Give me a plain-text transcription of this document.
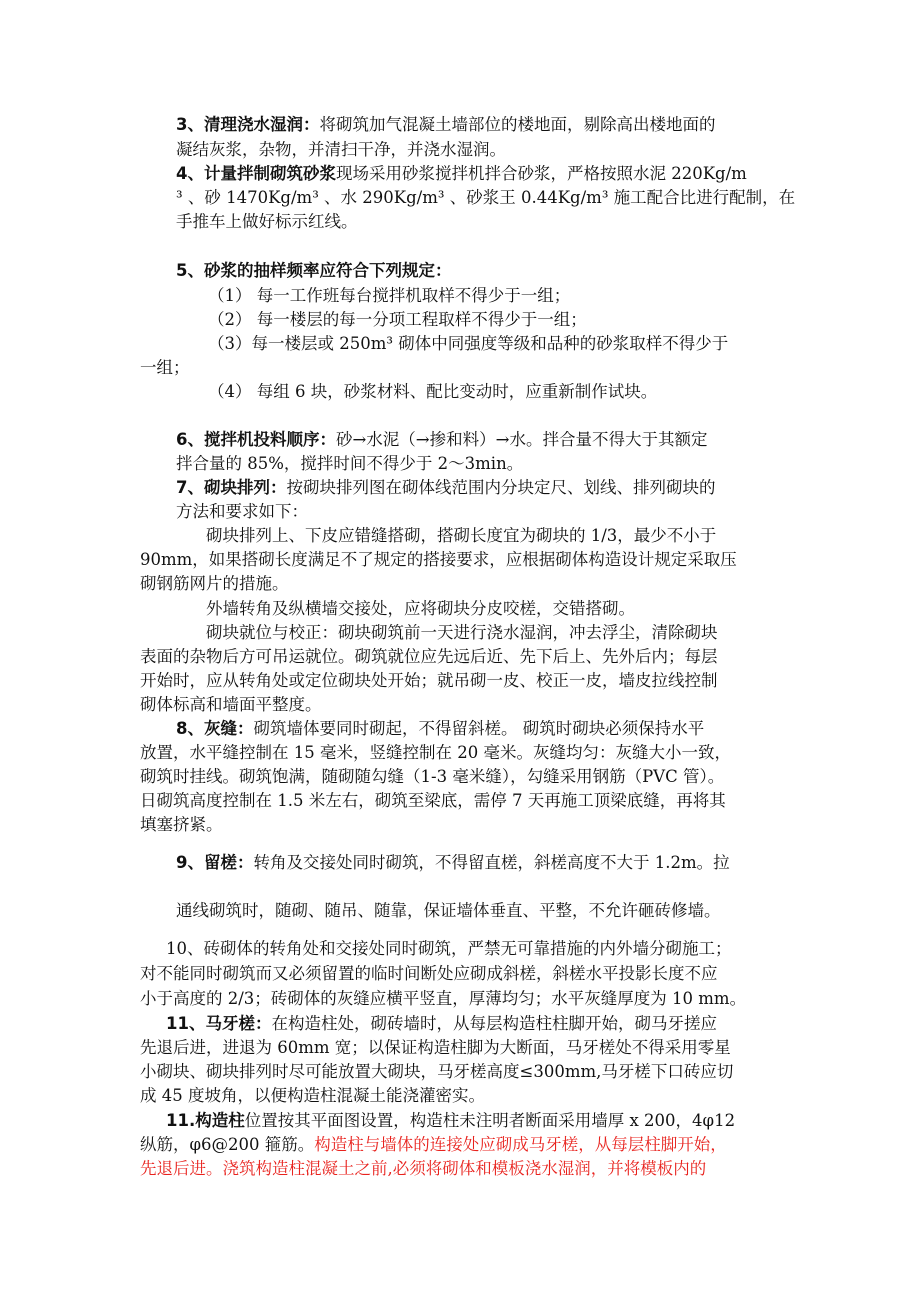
3、清理浇水湿润：将砌筑加气混凝土墙部位的楼地面，剔除高出楼地面的
凝结灰浆，杂物，并清扫干净，并浇水湿润。
4、计量拌制砌筑砂浆现场采用砂浆搅拌机拌合砂浆，严格按照水泥 220Kg/m
³ 、砂 1470Kg/m³ 、水 290Kg/m³ 、砂浆王 0.44Kg/m³ 施工配合比进行配制，在
手推车上做好标示红线。
5、砂浆的抽样频率应符合下列规定：
（1） 每一工作班每台搅拌机取样不得少于一组；
（2） 每一楼层的每一分项工程取样不得少于一组；
（3）每一楼层或 250m³ 砌体中同强度等级和品种的砂浆取样不得少于
一组；
（4） 每组 6 块，砂浆材料、配比变动时，应重新制作试块。
6、搅拌机投料顺序：砂→水泥（→掺和料）→水。拌合量不得大于其额定
拌合量的 85%，搅拌时间不得少于 2～3min。
7、砌块排列：按砌块排列图在砌体线范围内分块定尺、划线、排列砌块的
方法和要求如下：
砌块排列上、下皮应错缝搭砌，搭砌长度宜为砌块的 1/3，最少不小于
90mm，如果搭砌长度满足不了规定的搭接要求，应根据砌体构造设计规定采取压
砌钢筋网片的措施。
外墙转角及纵横墙交接处，应将砌块分皮咬槎，交错搭砌。
砌块就位与校正：砌块砌筑前一天进行浇水湿润，冲去浮尘，清除砌块
表面的杂物后方可吊运就位。砌筑就位应先远后近、先下后上、先外后内；每层
开始时，应从转角处或定位砌块处开始；就吊砌一皮、校正一皮，墙皮拉线控制
砌体标高和墙面平整度。
8、灰缝：砌筑墙体要同时砌起，不得留斜槎。 砌筑时砌块必须保持水平
放置，水平缝控制在 15 毫米，竖缝控制在 20 毫米。灰缝均匀：灰缝大小一致，
砌筑时挂线。砌筑饱满，随砌随勾缝（1-3 毫米缝），勾缝采用钢筋（PVC 管）。
日砌筑高度控制在 1.5 米左右，砌筑至梁底，需停 7 天再施工顶梁底缝，再将其
填塞挤紧。
9、留槎：转角及交接处同时砌筑，不得留直槎，斜槎高度不大于 1.2m。拉
通线砌筑时，随砌、随吊、随靠，保证墙体垂直、平整，不允许砸砖修墙。
10、砖砌体的转角处和交接处同时砌筑，严禁无可靠措施的内外墙分砌施工；
对不能同时砌筑而又必须留置的临时间断处应砌成斜槎，斜槎水平投影长度不应
小于高度的 2/3；砖砌体的灰缝应横平竖直，厚薄均匀；水平灰缝厚度为 10 mm。
11、马牙槎：在构造柱处，砌砖墙时，从每层构造柱柱脚开始，砌马牙搓应
先退后进，进退为 60mm 宽；以保证构造柱脚为大断面，马牙槎处不得采用零星
小砌块、砌块排列时尽可能放置大砌块，马牙槎高度≤300mm,马牙槎下口砖应切
成 45 度坡角，以便构造柱混凝土能浇灌密实。
11.构造柱位置按其平面图设置，构造柱未注明者断面采用墙厚 x 200，4φ12
纵筋，φ6@200 箍筋。构造柱与墙体的连接处应砌成马牙槎，从每层柱脚开始，
先退后进。浇筑构造柱混凝土之前,必须将砌体和模板浇水湿润，并将模板内的
